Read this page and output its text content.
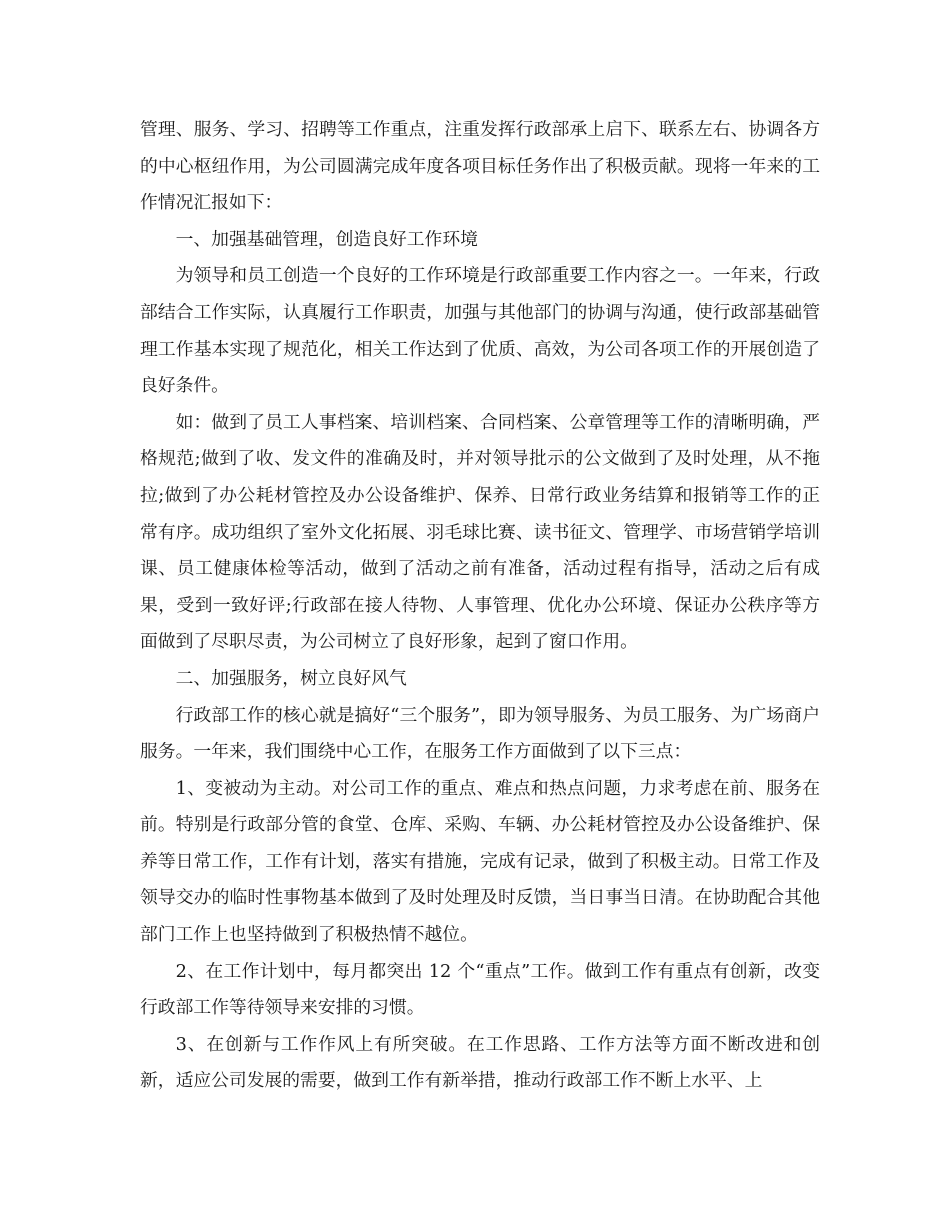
管理、服务、学习、招聘等工作重点，注重发挥行政部承上启下、联系左右、协调各方的中心枢纽作用，为公司圆满完成年度各项目标任务作出了积极贡献。现将一年来的工作情况汇报如下：

一、加强基础管理，创造良好工作环境

为领导和员工创造一个良好的工作环境是行政部重要工作内容之一。一年来，行政部结合工作实际，认真履行工作职责，加强与其他部门的协调与沟通，使行政部基础管理工作基本实现了规范化，相关工作达到了优质、高效，为公司各项工作的开展创造了良好条件。

如：做到了员工人事档案、培训档案、合同档案、公章管理等工作的清晰明确，严格规范;做到了收、发文件的准确及时，并对领导批示的公文做到了及时处理，从不拖拉;做到了办公耗材管控及办公设备维护、保养、日常行政业务结算和报销等工作的正常有序。成功组织了室外文化拓展、羽毛球比赛、读书征文、管理学、市场营销学培训课、员工健康体检等活动，做到了活动之前有准备，活动过程有指导，活动之后有成果，受到一致好评;行政部在接人待物、人事管理、优化办公环境、保证办公秩序等方面做到了尽职尽责，为公司树立了良好形象，起到了窗口作用。

二、加强服务，树立良好风气

行政部工作的核心就是搞好“三个服务”，即为领导服务、为员工服务、为广场商户服务。一年来，我们围绕中心工作，在服务工作方面做到了以下三点：

1、变被动为主动。对公司工作的重点、难点和热点问题，力求考虑在前、服务在前。特别是行政部分管的食堂、仓库、采购、车辆、办公耗材管控及办公设备维护、保养等日常工作，工作有计划，落实有措施，完成有记录，做到了积极主动。日常工作及领导交办的临时性事物基本做到了及时处理及时反馈，当日事当日清。在协助配合其他部门工作上也坚持做到了积极热情不越位。

2、在工作计划中，每月都突出 12 个“重点”工作。做到工作有重点有创新，改变行政部工作等待领导来安排的习惯。

3、在创新与工作作风上有所突破。在工作思路、工作方法等方面不断改进和创新，适应公司发展的需要，做到工作有新举措，推动行政部工作不断上水平、上
